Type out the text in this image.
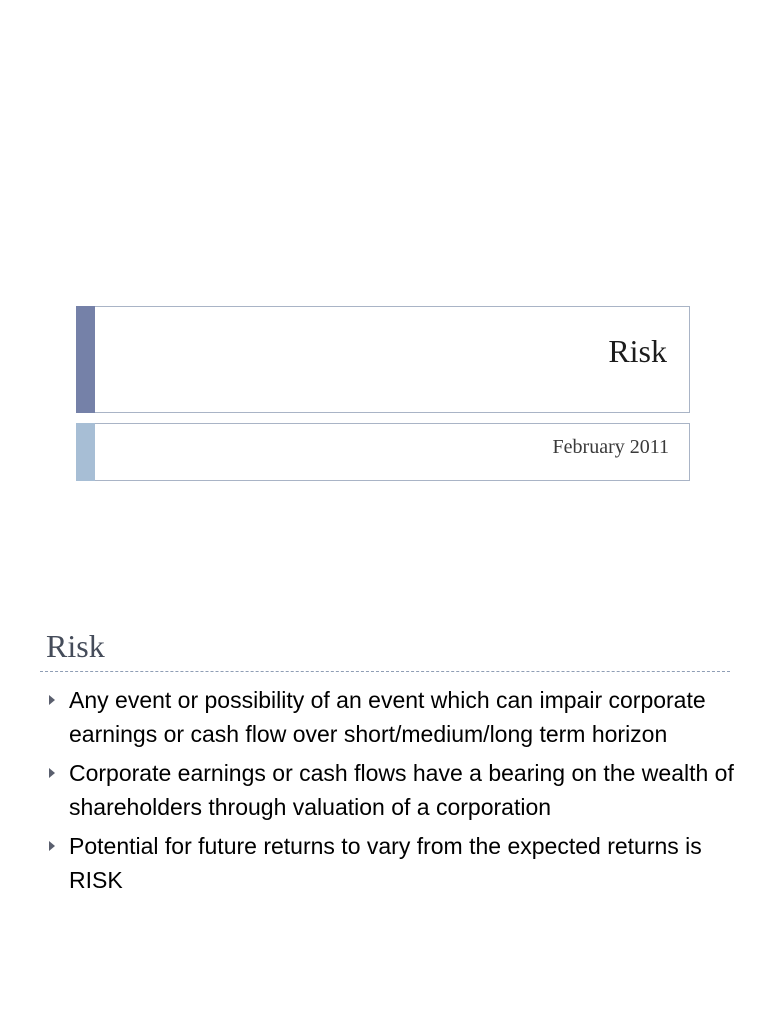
Risk
February 2011
Risk
Any event or possibility of an event which can impair corporate earnings or cash flow over short/medium/long term horizon
Corporate earnings or cash flows have a bearing on the wealth of shareholders through valuation of a corporation
Potential for future returns to vary from the expected returns is RISK
